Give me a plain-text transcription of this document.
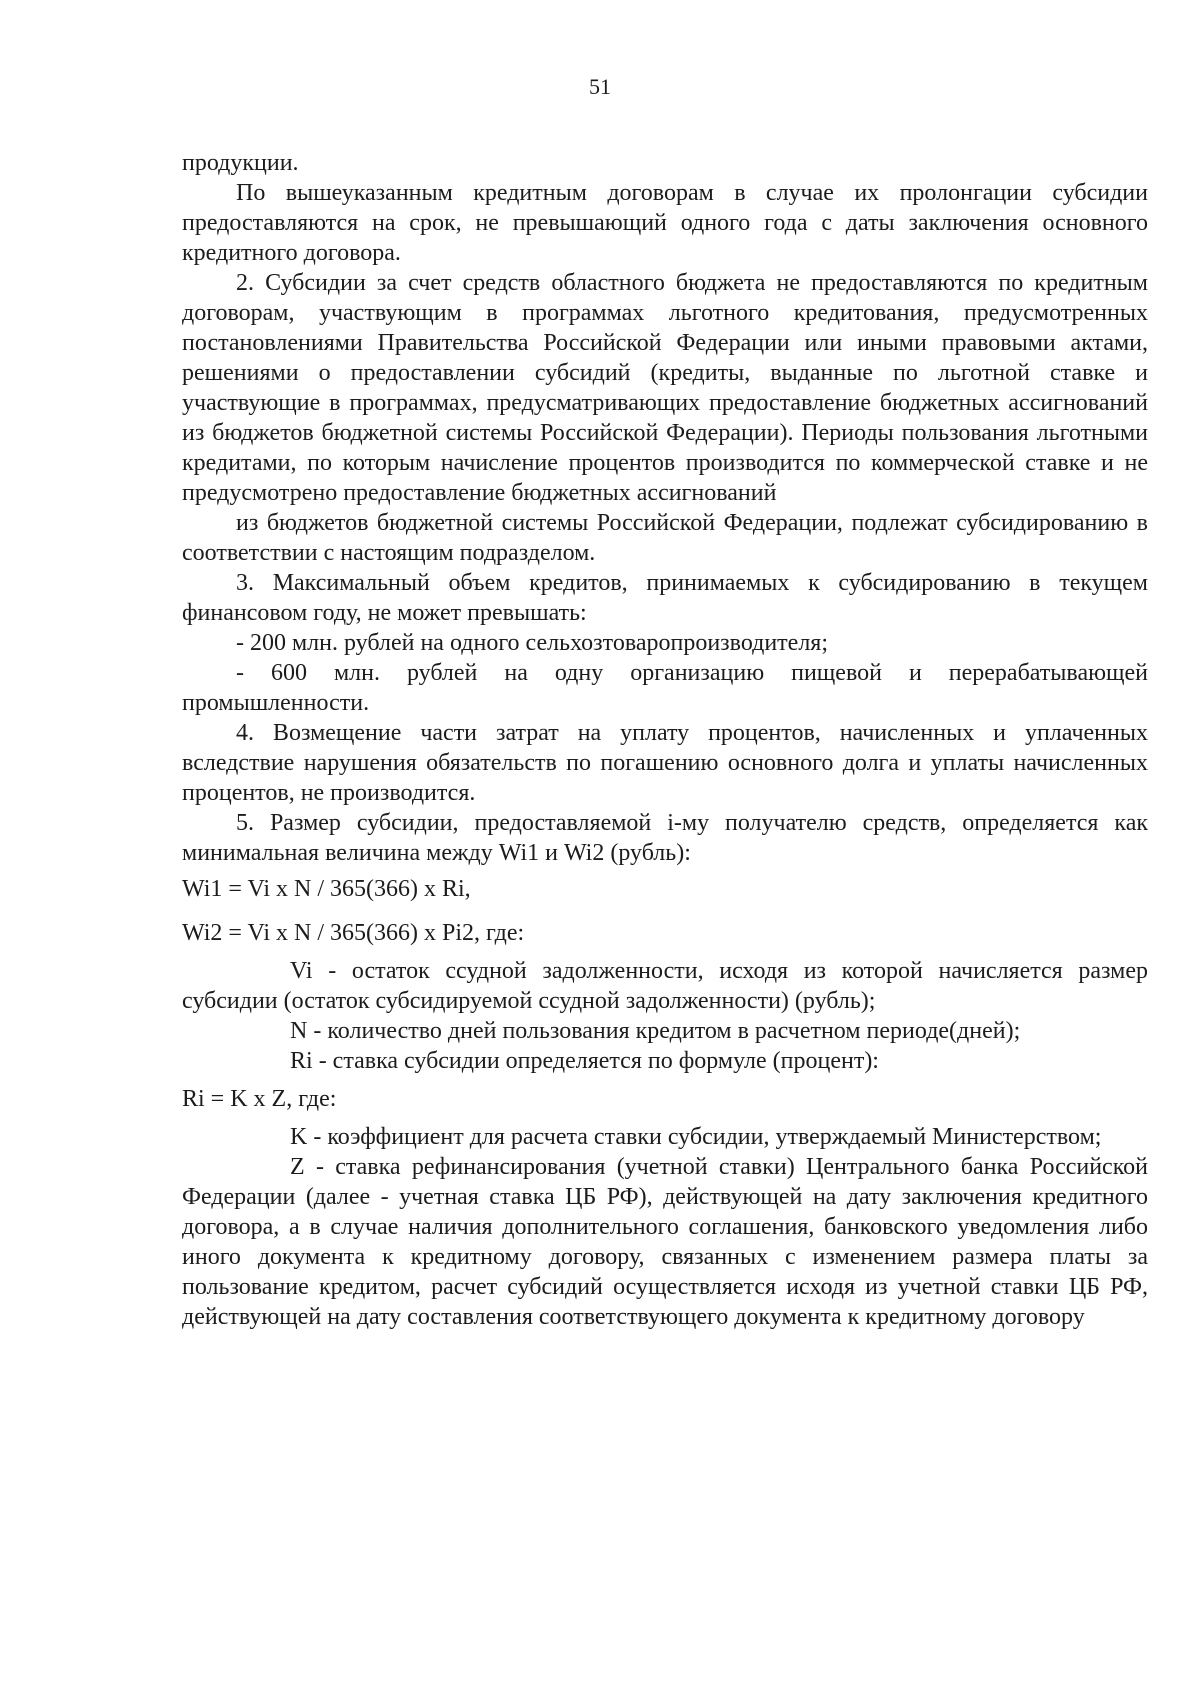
51

продукции.

По вышеуказанным кредитным договорам в случае их пролонгации субсидии предоставляются на срок, не превышающий одного года с даты заключения основного кредитного договора.

2. Субсидии за счет средств областного бюджета не предоставляются по кредитным договорам, участвующим в программах льготного кредитования, предусмотренных постановлениями Правительства Российской Федерации или иными правовыми актами, решениями о предоставлении субсидий (кредиты, выданные по льготной ставке и участвующие в программах, предусматривающих предоставление бюджетных ассигнований из бюджетов бюджетной системы Российской Федерации). Периоды пользования льготными кредитами, по которым начисление процентов производится по коммерческой ставке и не предусмотрено предоставление бюджетных ассигнований

из бюджетов бюджетной системы Российской Федерации, подлежат субсидированию в соответствии с настоящим подразделом.

3. Максимальный объем кредитов, принимаемых к субсидированию в текущем финансовом году, не может превышать:

- 200 млн. рублей на одного сельхозтоваропроизводителя;

- 600 млн. рублей на одну организацию пищевой и перерабатывающей промышленности.

4. Возмещение части затрат на уплату процентов, начисленных и уплаченных вследствие нарушения обязательств по погашению основного долга и уплаты начисленных процентов, не производится.

5. Размер субсидии, предоставляемой i-му получателю средств, определяется как минимальная величина между Wi1 и Wi2 (рубль):

Wi1 = Vi x N / 365(366) x Ri,

Wi2 = Vi x N / 365(366) x Pi2, где:

Vi - остаток ссудной задолженности, исходя из которой начисляется размер субсидии (остаток субсидируемой ссудной задолженности) (рубль);

N - количество дней пользования кредитом в расчетном периоде(дней);

Ri - ставка субсидии определяется по формуле (процент):

Ri = K x Z, где:

K - коэффициент для расчета ставки субсидии, утверждаемый Министерством;

Z - ставка рефинансирования (учетной ставки) Центрального банка Российской Федерации (далее - учетная ставка ЦБ РФ), действующей на дату заключения кредитного договора, а в случае наличия дополнительного соглашения, банковского уведомления либо иного документа к кредитному договору, связанных с изменением размера платы за пользование кредитом, расчет субсидий осуществляется исходя из учетной ставки ЦБ РФ, действующей на дату составления соответствующего документа к кредитному договору
